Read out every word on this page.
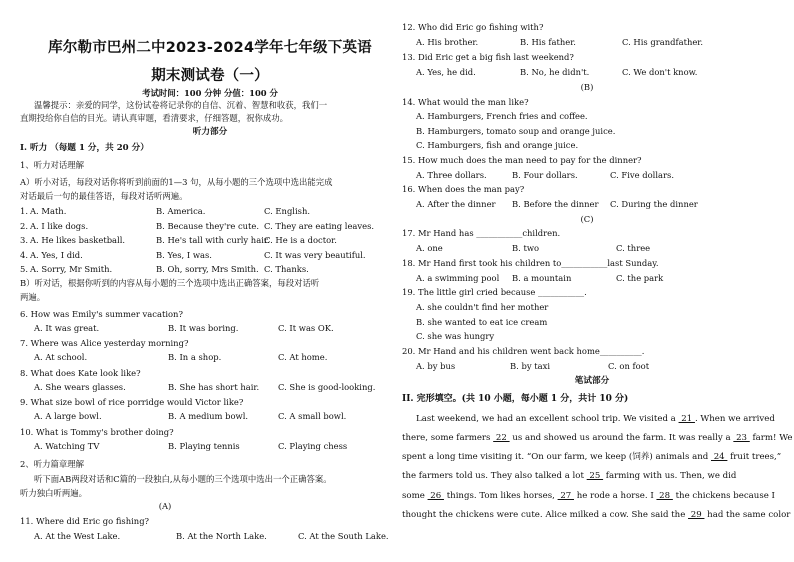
库尔勒市巴州二中2023-2024学年七年级下英语
期末测试卷（一）
考试时间：100 分钟 分值：100 分
温馨提示：亲爱的同学，这份试卷将记录你的自信、沉着、智慧和收获，我们一
直期投给你自信的目光。请认真审题，看清要求，仔细答题，祝你成功。
听力部分
I. 听力 （每题 1 分，共 20 分）
1、听力对话理解
A）听小对话，每段对话你将听到前面的1—3 句，从每小题的三个选项中选出能完成
对话最后一句的最佳答语，每段对话听两遍。
1. A. Math.	B. America.	C. English.
2. A. I like dogs.	B. Because they're cute. C. They are eating leaves.
3. A. He likes basketball.	B. He's tall with curly hair.
C. He is a doctor.
4. A. Yes, I did.	B. Yes, I was.	C. It was very beautiful.
5. A. Sorry, Mr Smith.	B. Oh, sorry, Mrs Smith. C. Thanks.
B）听对话，根据你听到的内容从每小题的三个选项中选出正确答案，每段对话听
两遍。
6. How was Emily's summer vacation?
A. It was great.	B. It was boring.	C. It was OK.
7. Where was Alice yesterday morning?
A. At school.	B. In a shop.	C. At home.
8. What does Kate look like?
A. She wears glasses.	B. She has short hair. C. She is good-looking.
9. What size bowl of rice porridge would Victor like?
A. A large bowl.	B. A medium bowl.	C. A small bowl.
10. What is Tommy's brother doing?
A. Watching TV	B. Playing tennis	C. Playing chess
2、听力篇章理解
听下面AB两段对话和C篇的一段独白,从每小题的三个选项中选出一个正确答案。
听力独白听两遍。
(A)
11. Where did Eric go fishing?
A. At the West Lake.	B. At the North Lake.	C. At the South Lake.
12. Who did Eric go fishing with?
A. His brother.	B. His father.	C. His grandfather.
13. Did Eric get a big fish last weekend?
A. Yes, he did.	B. No, he didn't.	C. We don't know.
(B)
14. What would the man like?
A. Hamburgers, French fries and coffee.
B. Hamburgers, tomato soup and orange juice.
C. Hamburgers, fish and orange juice.
15. How much does the man need to pay for the dinner?
A. Three dollars.	B. Four dollars.	C. Five dollars.
16. When does the man pay?
A. After the dinner B. Before the dinner C. During the dinner
(C)
17. Mr Hand has ___________children.
A. one	B. two	C. three
18. Mr Hand first took his children to___________last Sunday.
A. a swimming pool B. a mountain	C. the park
19. The little girl cried because ___________.
A. she couldn't find her mother
B. she wanted to eat ice cream
C. she was hungry
20. Mr Hand and his children went back home__________.
A. by bus	B. by taxi	C. on foot
笔试部分
II. 完形填空。(共 10 小题，每小题 1 分，共计 10 分)
Last weekend, we had an excellent school trip. We visited a  21 . When we arrived
there, some farmers  22  us and showed us around the farm. It was really a  23  farm! We
spent a long time visiting it. “On our farm, we keep (饲养) animals and  24  fruit trees,”
the farmers told us. They also talked a lot  25  farming with us. Then, we did
some  26  things. Tom likes horses,  27  he rode a horse. I  28  the chickens because I
thought the chickens were cute. Alice milked a cow. She said the  29  had the same color
